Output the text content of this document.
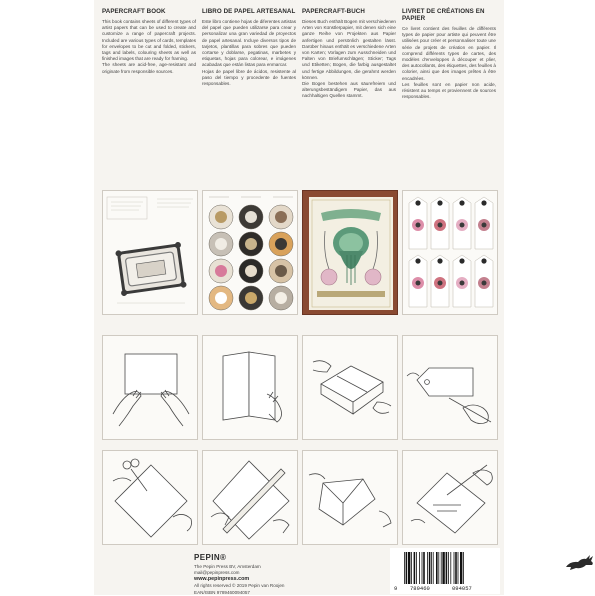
PAPERCRAFT BOOK

This book contains sheets of different types of artist papers that can be used to create and customize a range of papercraft projects. Included are various types of cards, templates for envelopes to be cut and folded, stickers, tags and labels, colouring sheets as well as finished images that are ready for framing.

The sheets are acid-free, age-resistant and originate from responsible sources.

LIBRO DE PAPEL ARTESANAL

Este libro contiene hojas de diferentes artistas del papel que pueden utilizarse para crear y personalizar una gran variedad de proyectos de papel artesanal. Incluye diversos tipos de tarjetos, plantillas para sobres que pueden cortarse y doblarse, pegatinas, marbetes y etiquetas, hojas para colorear, e imágenes acabadas que están listas para enmarcar.

Hojas de papel libre de ácidos, resistente al paso del tiempo y procedente de fuentes responsables.

PAPERCRAFT-BUCH

Dieses Buch enthält Bogen mit verschiedenen Arten von Künstlerpapier, mit denen sich eine ganze Reihe von Projekten aus Papier anfertigen und persönlich gestalten lässt. Darüber hinaus enthält es verschiedene Arten von Karten; Vorlagen zum Ausschneiden und Falten von Briefumschlägen; Sticker; Tags und Etiketten; Bogen, die farbig ausgestaltet und fertige Abbildungen, die gerahmt werden können.

Die Bogen bestehen aus säurefreiem und alterungsbeständigem Papier, das aus nachhaltigen Quellen stammt.

LIVRET DE CRÉATIONS EN PAPIER

Ce livret contient des feuilles de différents types de papier pour artiste qui peuvent être utilisées pour créer et personnaliser toute une série de projets de création en papier. Il comprend différents types de cartes, des modèles d'enveloppes à découper et plier, des autocollants, des étiquettes, des feuilles à colorier, ainsi que des images prêtes à être encadrées.

Les feuilles sont en papier non acide, résistent au temps et proviennent de sources responsables.

PEPIN®
The Pepin Press BV, Amsterdam
mail@pepinpress.com
www.pepinpress.com
All rights reserved © 2019 Pepin van Roojen
EAN/ISBN 9789460094057
9 789460	094057
